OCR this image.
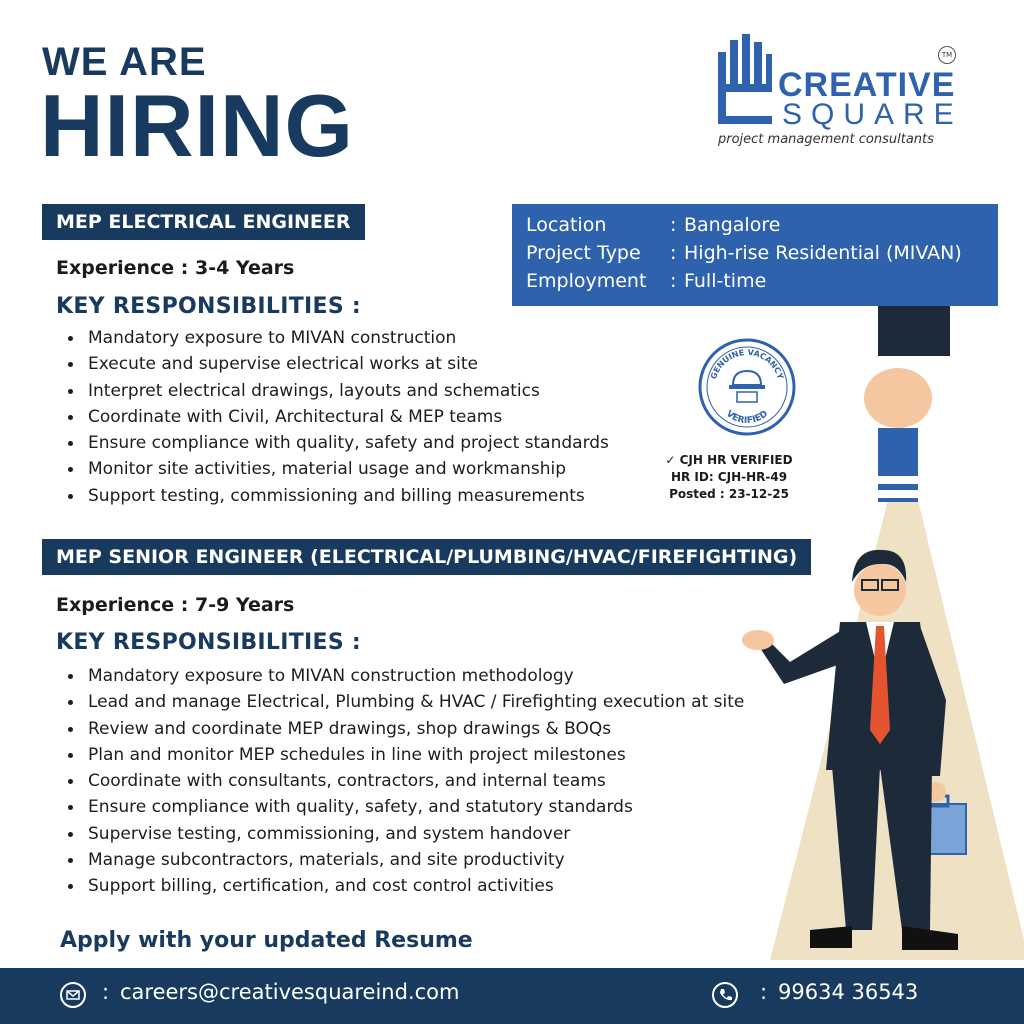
WE ARE
HIRING	CREATIVE
SQUARE
project management consultants
TM
MEP ELECTRICAL ENGINEER
Experience : 3-4 Years
KEY RESPONSIBILITIES :
Mandatory exposure to MIVAN construction
Execute and supervise electrical works at site
Interpret electrical drawings, layouts and schematics
Coordinate with Civil, Architectural & MEP teams
Ensure compliance with quality, safety and project standards
Monitor site activities, material usage and workmanship
Support testing, commissioning and billing measurements
Location	: Bangalore
Project Type	: High-rise Residential (MIVAN)
Employment	: Full-time
GENUINE VACANCY
VERIFIED
✓ CJH HR VERIFIED
HR ID: CJH-HR-49
Posted : 23-12-25
MEP SENIOR ENGINEER (ELECTRICAL/PLUMBING/HVAC/FIREFIGHTING)
Experience : 7-9 Years
KEY RESPONSIBILITIES :
Mandatory exposure to MIVAN construction methodology
Lead and manage Electrical, Plumbing & HVAC / Firefighting execution at site
Review and coordinate MEP drawings, shop drawings & BOQs
Plan and monitor MEP schedules in line with project milestones
Coordinate with consultants, contractors, and internal teams
Ensure compliance with quality, safety, and statutory standards
Supervise testing, commissioning, and system handover
Manage subcontractors, materials, and site productivity
Support billing, certification, and cost control activities
Apply with your updated Resume
: careers@creativesquareind.com	: 99634 36543
